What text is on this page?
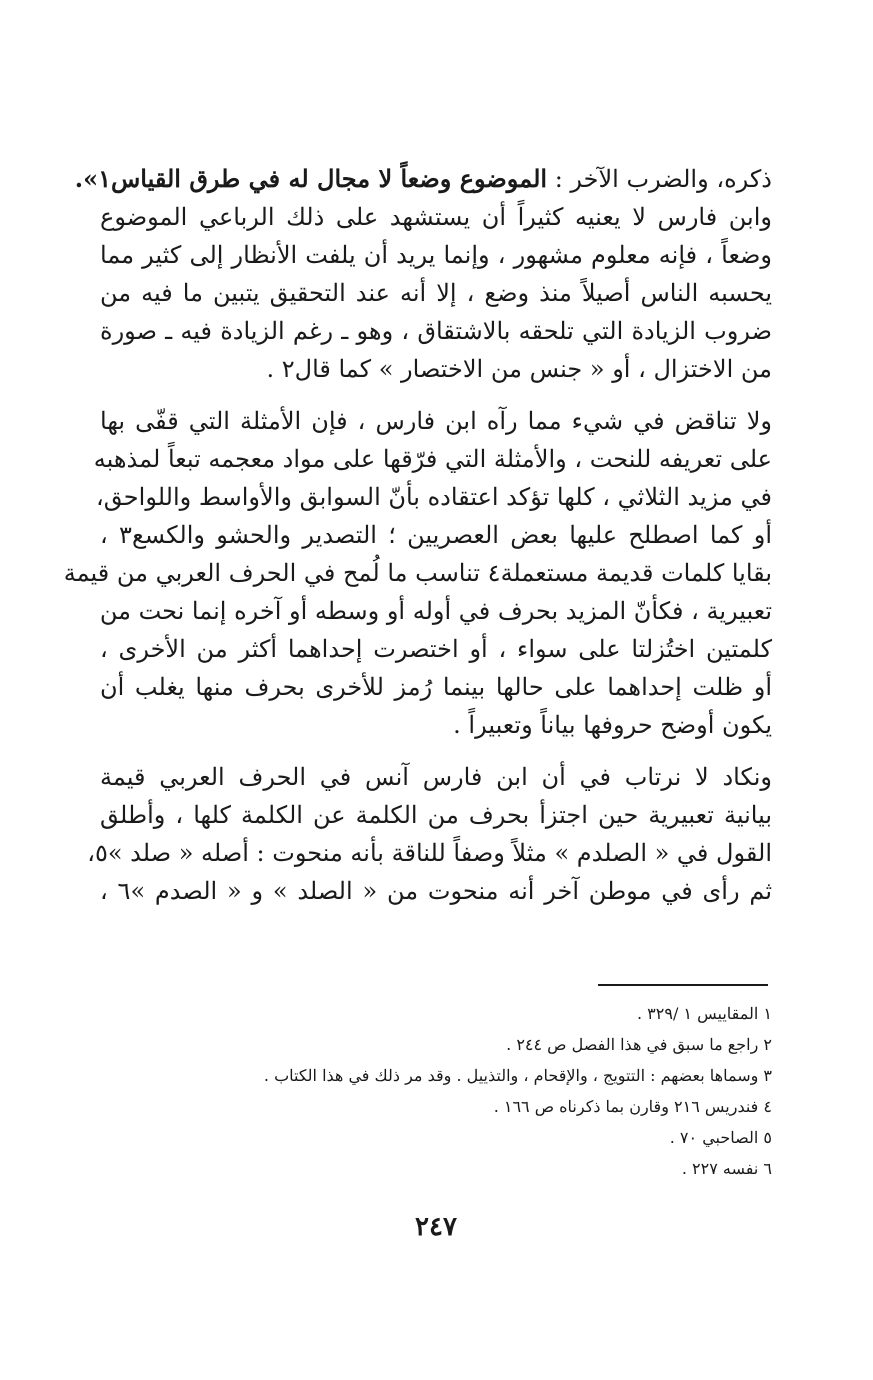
ذكره، والضرب الآخر : الموضوع وضعاً لا مجال له في طرق القياس١».
وابن فارس لا يعنيه كثيراً أن يستشهد على ذلك الرباعي الموضوع
وضعاً ، فإنه معلوم مشهور ، وإنما يريد أن يلفت الأنظار إلى كثير مما
يحسبه الناس أصيلاً منذ وضع ، إلا أنه عند التحقيق يتبين ما فيه من
ضروب الزيادة التي تلحقه بالاشتقاق ، وهو ـ رغم الزيادة فيه ـ صورة
من الاختزال ، أو « جنس من الاختصار » كما قال٢ .
ولا تناقض في شيء مما رآه ابن فارس ، فإن الأمثلة التي قفّى بها
على تعريفه للنحت ، والأمثلة التي فرّقها على مواد معجمه تبعاً لمذهبه
في مزيد الثلاثي ، كلها تؤكد اعتقاده بأنّ السوابق والأواسط واللواحق،
أو كما اصطلح عليها بعض العصريين ؛ التصدير والحشو والكسع٣ ،
بقايا كلمات قديمة مستعملة٤ تناسب ما لُمح في الحرف العربي من قيمة
تعبيرية ، فكأنّ المزيد بحرف في أوله أو وسطه أو آخره إنما نحت من
كلمتين اختُزلتا على سواء ، أو اختصرت إحداهما أكثر من الأخرى ،
أو ظلت إحداهما على حالها بينما رُمز للأخرى بحرف منها يغلب أن
يكون أوضح حروفها بياناً وتعبيراً .
ونكاد لا نرتاب في أن ابن فارس آنس في الحرف العربي قيمة
بيانية تعبيرية حين اجتزأ بحرف من الكلمة عن الكلمة كلها ، وأطلق
القول في « الصلدم » مثلاً وصفاً للناقة بأنه منحوت : أصله « صلد »٥،
ثم رأى في موطن آخر أنه منحوت من « الصلد » و « الصدم »٦ ،
١ المقاييس ١ /٣٢٩ .
٢ راجع ما سبق في هذا الفصل ص ٢٤٤ .
٣ وسماها بعضهم : التتويج ، والإقحام ، والتذييل . وقد مر ذلك في هذا الكتاب .
٤ فندريس ٢١٦ وقارن بما ذكرناه ص ١٦٦ .
٥ الصاحبي ٧٠ .
٦ نفسه ٢٢٧ .
٢٤٧
